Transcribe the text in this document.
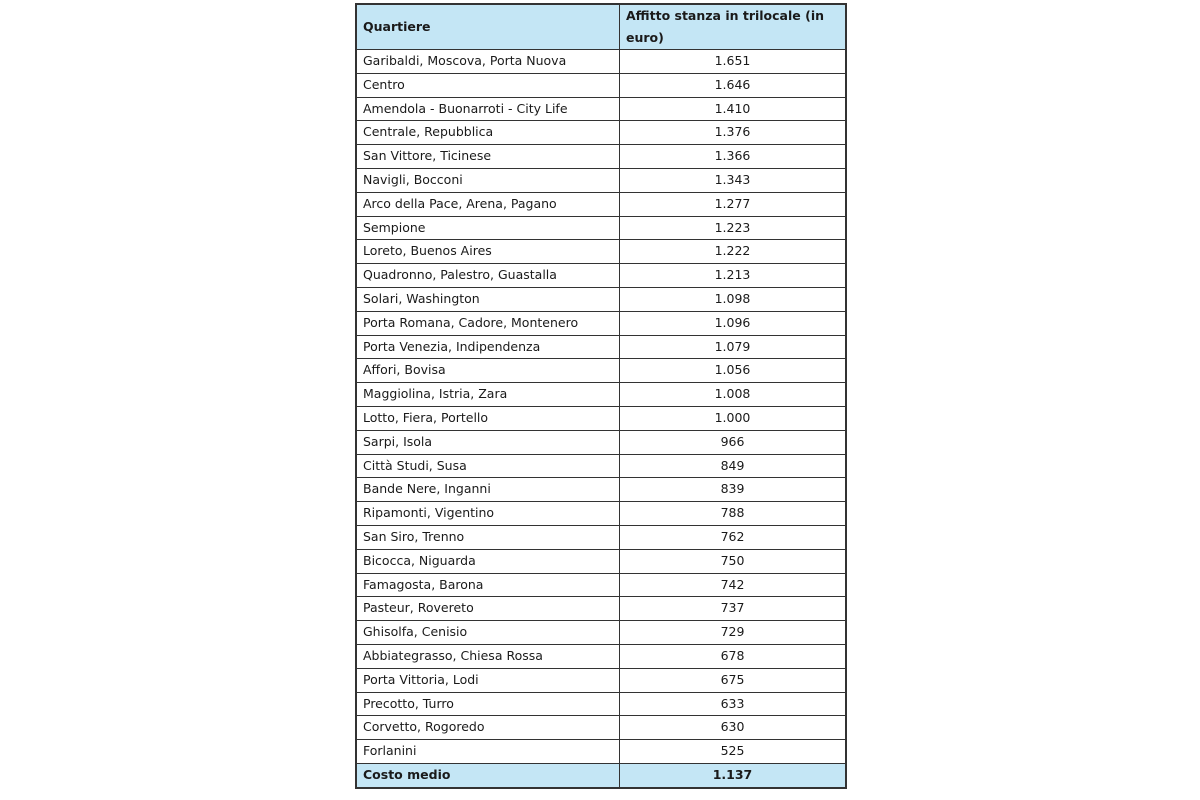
Quartiere	Affitto stanza in trilocale (in euro)
Garibaldi, Moscova, Porta Nuova	1.651
Centro	1.646
Amendola - Buonarroti - City Life	1.410
Centrale, Repubblica	1.376
San Vittore, Ticinese	1.366
Navigli, Bocconi	1.343
Arco della Pace, Arena, Pagano	1.277
Sempione	1.223
Loreto, Buenos Aires	1.222
Quadronno, Palestro, Guastalla	1.213
Solari, Washington	1.098
Porta Romana, Cadore, Montenero	1.096
Porta Venezia, Indipendenza	1.079
Affori, Bovisa	1.056
Maggiolina, Istria, Zara	1.008
Lotto, Fiera, Portello	1.000
Sarpi, Isola	966
Città Studi, Susa	849
Bande Nere, Inganni	839
Ripamonti, Vigentino	788
San Siro, Trenno	762
Bicocca, Niguarda	750
Famagosta, Barona	742
Pasteur, Rovereto	737
Ghisolfa, Cenisio	729
Abbiategrasso, Chiesa Rossa	678
Porta Vittoria, Lodi	675
Precotto, Turro	633
Corvetto, Rogoredo	630
Forlanini	525
Costo medio	1.137
